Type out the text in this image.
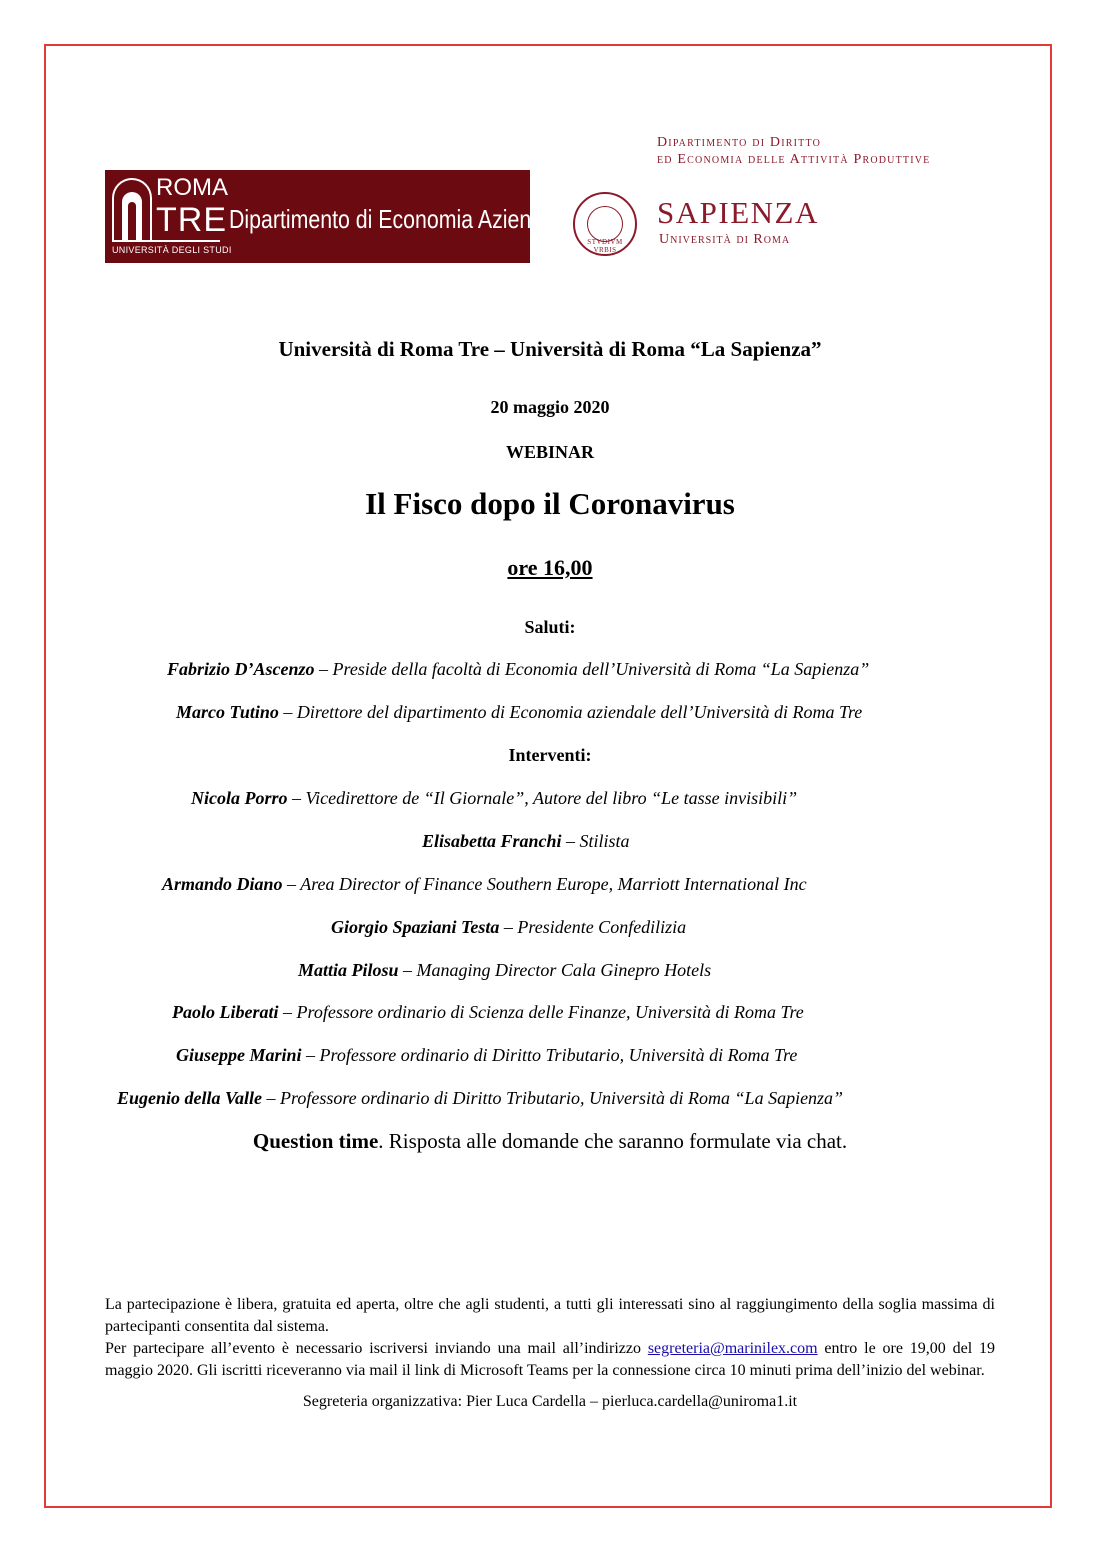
ROMA
TRE
UNIVERSITÀ DEGLI STUDI
Dipartimento di Economia Aziendale
Dipartimento di Diritto
ed Economia delle Attività Produttive
STVDIVM VRBIS
SAPIENZA
Università di Roma
Università di Roma Tre – Università di Roma “La Sapienza”
20 maggio 2020
WEBINAR
Il Fisco dopo il Coronavirus
ore 16,00
Saluti:
Fabrizio D’Ascenzo – Preside della facoltà di Economia dell’Università di Roma “La Sapienza”
Marco Tutino – Direttore del dipartimento di Economia aziendale dell’Università di Roma Tre
Interventi:
Nicola Porro – Vicedirettore de “Il Giornale”, Autore del libro “Le tasse invisibili”
Elisabetta Franchi – Stilista
Armando Diano – Area Director of Finance Southern Europe, Marriott International Inc
Giorgio Spaziani Testa – Presidente Confedilizia
Mattia Pilosu – Managing Director Cala Ginepro Hotels
Paolo Liberati – Professore ordinario di Scienza delle Finanze, Università di Roma Tre
Giuseppe Marini – Professore ordinario di Diritto Tributario, Università di Roma Tre
Eugenio della Valle – Professore ordinario di Diritto Tributario, Università di Roma “La Sapienza”
Question time. Risposta alle domande che saranno formulate via chat.

La partecipazione è libera, gratuita ed aperta, oltre che agli studenti, a tutti gli interessati sino al raggiungimento della soglia massima di partecipanti consentita dal sistema.

Per partecipare all’evento è necessario iscriversi inviando una mail all’indirizzo segreteria@marinilex.com entro le ore 19,00 del 19 maggio 2020. Gli iscritti riceveranno via mail il link di Microsoft Teams per la connessione circa 10 minuti prima dell’inizio del webinar.

Segreteria organizzativa: Pier Luca Cardella – pierluca.cardella@uniroma1.it
